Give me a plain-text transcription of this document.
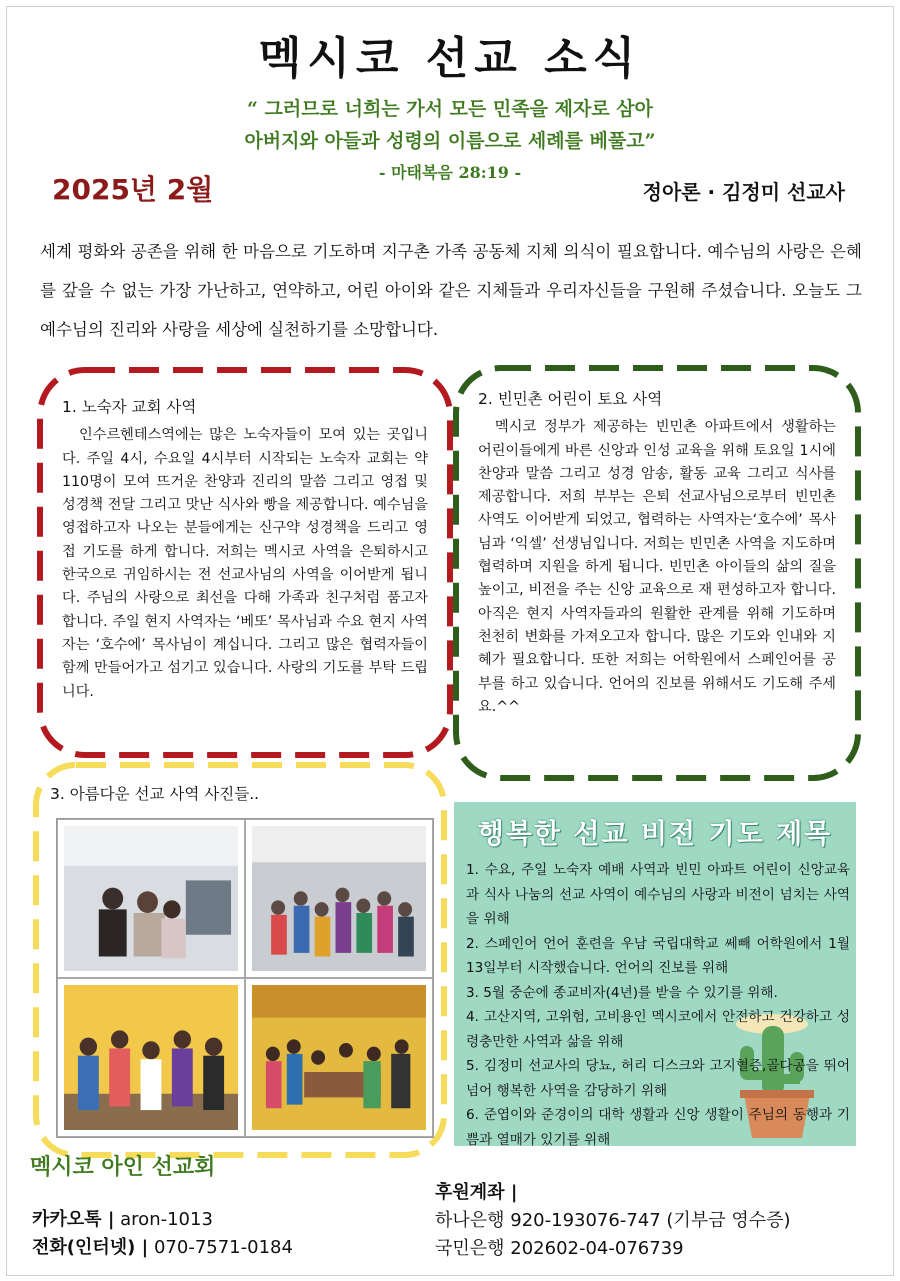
멕시코 선교 소식
“ 그러므로 너희는 가서 모든 민족을 제자로 삼아
아버지와 아들과 성령의 이름으로 세례를 베풀고”
- 마태복음 28:19 -
2025년 2월	정아론 · 김정미 선교사
세계 평화와 공존을 위해 한 마음으로 기도하며 지구촌 가족 공동체 지체 의식이 필요합니다. 예수님의 사랑은 은혜를 갚을 수 없는 가장 가난하고, 연약하고, 어린 아이와 같은 지체들과 우리자신들을 구원해 주셨습니다. 오늘도 그 예수님의 진리와 사랑을 세상에 실천하기를 소망합니다.
1. 노숙자 교회 사역

인수르헨테스역에는 많은 노숙자들이 모여 있는 곳입니다. 주일 4시, 수요일 4시부터 시작되는 노숙자 교회는 약 110명이 모여 뜨거운 찬양과 진리의 말씀 그리고 영접 및 성경책 전달 그리고 맛난 식사와 빵을 제공합니다. 예수님을 영접하고자 나오는 분들에게는 신구약 성경책을 드리고 영접 기도를 하게 합니다. 저희는 멕시코 사역을 은퇴하시고 한국으로 귀임하시는 전 선교사님의 사역을 이어받게 됩니다. 주님의 사랑으로 최선을 다해 가족과 친구처럼 품고자 합니다. 주일 현지 사역자는 ‘베또’ 목사님과 수요 현지 사역자는 ‘호수에’ 목사님이 계십니다. 그리고 많은 협력자들이 함께 만들어가고 섬기고 있습니다. 사랑의 기도를 부탁 드립니다.

2. 빈민촌 어린이 토요 사역

멕시코 정부가 제공하는 빈민촌 아파트에서 생활하는 어린이들에게 바른 신앙과 인성 교육을 위해 토요일 1시에 찬양과 말씀 그리고 성경 암송, 활동 교육 그리고 식사를 제공합니다. 저희 부부는 은퇴 선교사님으로부터 빈민촌 사역도 이어받게 되었고, 협력하는 사역자는‘호수에’ 목사님과 ‘익셀’ 선생님입니다. 저희는 빈민촌 사역을 지도하며 협력하며 지원을 하게 됩니다. 빈민촌 아이들의 삶의 질을 높이고, 비전을 주는 신앙 교육으로 재 편성하고자 합니다. 아직은 현지 사역자들과의 원활한 관계를 위해 기도하며 천천히 변화를 가져오고자 합니다. 많은 기도와 인내와 지혜가 필요합니다. 또한 저희는 어학원에서 스페인어를 공부를 하고 있습니다. 언어의 진보를 위해서도 기도해 주세요.^^

3. 아름다운 선교 사역 사진들..
행복한 선교 비전 기도 제목
1. 수요, 주일 노숙자 예배 사역과 빈민 아파트 어린이 신앙교육과 식사 나눔의 선교 사역이 예수님의 사랑과 비전이 넘치는 사역을 위해
2. 스페인어 언어 훈련을 우남 국립대학교 쎄빼 어학원에서 1월 13일부터 시작했습니다. 언어의 진보를 위해
3. 5월 중순에 종교비자(4년)를 받을 수 있기를 위해.
4. 고산지역, 고위험, 고비용인 멕시코에서 안전하고 건강하고 성령충만한 사역과 삶을 위해
5. 김정미 선교사의 당뇨, 허리 디스크와 고지혈증,골다공을 뛰어넘어 행복한 사역을 감당하기 위해
6. 준엽이와 준경이의 대학 생활과 신앙 생활이 주님의 동행과 기쁨과 열매가 있기를 위해
멕시코 아인 선교회
카카오톡 | aron-1013
전화(인터넷) | 070-7571-0184
후원계좌 |
하나은행 920-193076-747 (기부금 영수증)
국민은행 202602-04-076739
